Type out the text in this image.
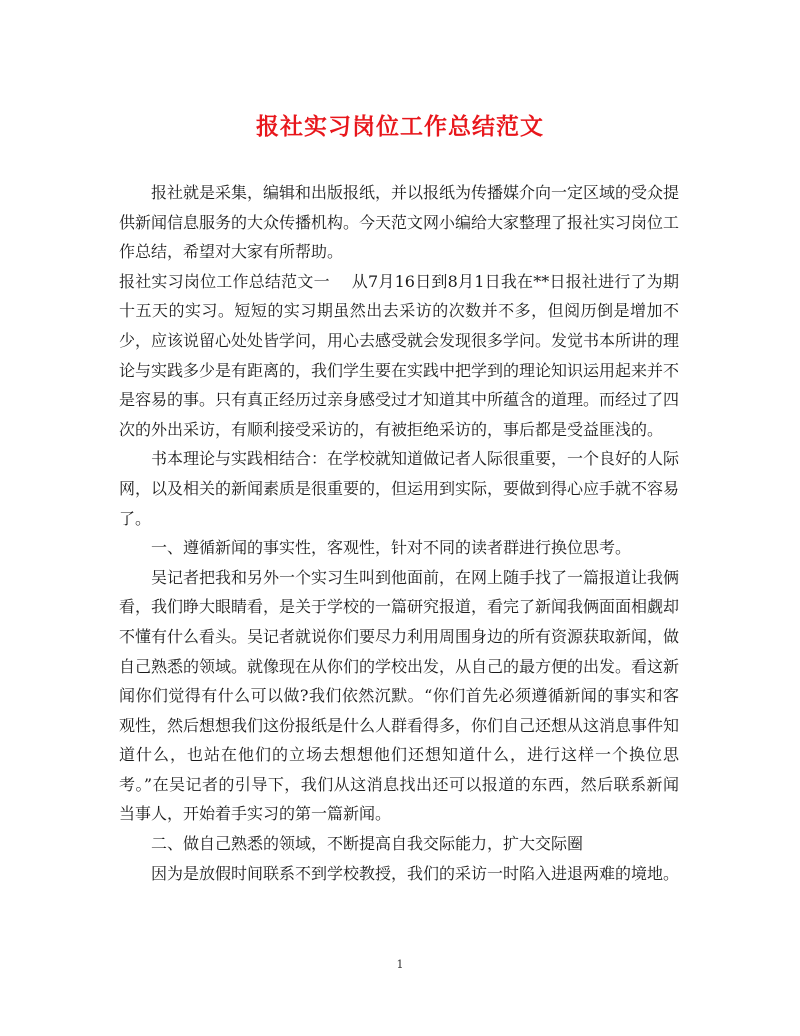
报社实习岗位工作总结范文

报社就是采集，编辑和出版报纸，并以报纸为传播媒介向一定区域的受众提供新闻信息服务的大众传播机构。今天范文网小编给大家整理了报社实习岗位工作总结，希望对大家有所帮助。

报社实习岗位工作总结范文一 从7月16日到8月1日我在**日报社进行了为期十五天的实习。短短的实习期虽然出去采访的次数并不多，但阅历倒是增加不少，应该说留心处处皆学问，用心去感受就会发现很多学问。发觉书本所讲的理论与实践多少是有距离的，我们学生要在实践中把学到的理论知识运用起来并不是容易的事。只有真正经历过亲身感受过才知道其中所蕴含的道理。而经过了四次的外出采访，有顺利接受采访的，有被拒绝采访的，事后都是受益匪浅的。

书本理论与实践相结合：在学校就知道做记者人际很重要，一个良好的人际网，以及相关的新闻素质是很重要的，但运用到实际，要做到得心应手就不容易了。

一、遵循新闻的事实性，客观性，针对不同的读者群进行换位思考。

吴记者把我和另外一个实习生叫到他面前，在网上随手找了一篇报道让我俩看，我们睁大眼睛看，是关于学校的一篇研究报道，看完了新闻我俩面面相觑却不懂有什么看头。吴记者就说你们要尽力利用周围身边的所有资源获取新闻，做自己熟悉的领域。就像现在从你们的学校出发，从自己的最方便的出发。看这新闻你们觉得有什么可以做?我们依然沉默。“你们首先必须遵循新闻的事实和客观性，然后想想我们这份报纸是什么人群看得多，你们自己还想从这消息事件知道什么，也站在他们的立场去想想他们还想知道什么，进行这样一个换位思考。”在吴记者的引导下，我们从这消息找出还可以报道的东西，然后联系新闻当事人，开始着手实习的第一篇新闻。

二、做自己熟悉的领域，不断提高自我交际能力，扩大交际圈

因为是放假时间联系不到学校教授，我们的采访一时陷入进退两难的境地。

1
